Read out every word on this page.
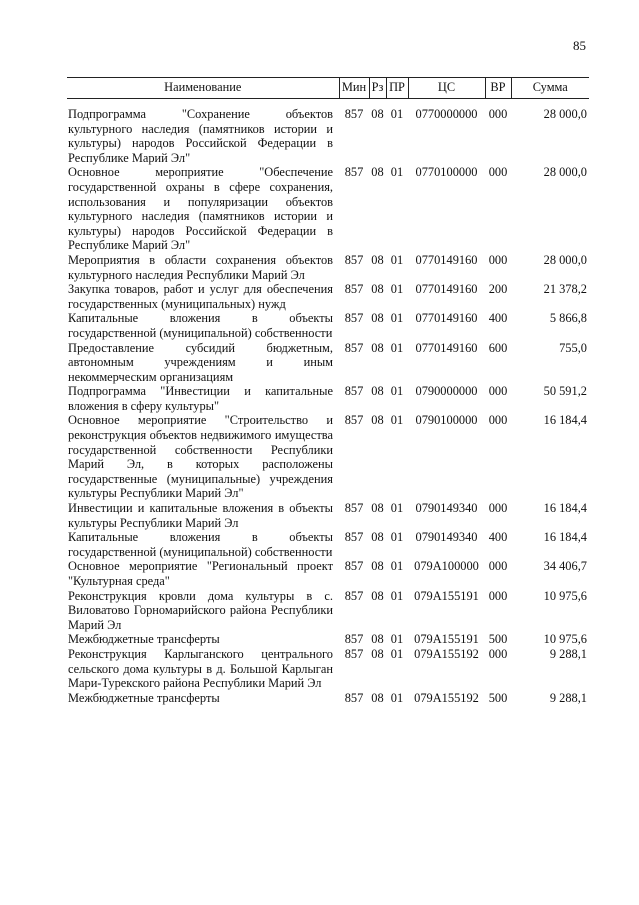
85
Наименование	Мин	Рз	ПР	ЦС	ВР	Сумма
Подпрограмма "Сохранение объектов культурного наследия (памятников истории и культуры) народов Российской Федерации в Республике Марий Эл"	857	08	01	0770000000	000	28 000,0
Основное мероприятие "Обеспечение государственной охраны в сфере сохранения, использования и популяризации объектов культурного наследия (памятников истории и культуры) народов Российской Федерации в Республике Марий Эл"	857	08	01	0770100000	000	28 000,0
Мероприятия в области сохранения объектов культурного наследия Республики Марий Эл	857	08	01	0770149160	000	28 000,0
Закупка товаров, работ и услуг для обеспечения государственных (муниципальных) нужд	857	08	01	0770149160	200	21 378,2
Капитальные вложения в объекты государственной (муниципальной) собственности	857	08	01	0770149160	400	5 866,8
Предоставление субсидий бюджетным, автономным учреждениям и иным некоммерческим организациям	857	08	01	0770149160	600	755,0
Подпрограмма "Инвестиции и капитальные вложения в сферу культуры"	857	08	01	0790000000	000	50 591,2
Основное мероприятие "Строительство и реконструкция объектов недвижимого имущества государственной собственности Республики Марий Эл, в которых расположены государственные (муниципальные) учреждения культуры Республики Марий Эл"	857	08	01	0790100000	000	16 184,4
Инвестиции и капитальные вложения в объекты культуры Республики Марий Эл	857	08	01	0790149340	000	16 184,4
Капитальные вложения в объекты государственной (муниципальной) собственности	857	08	01	0790149340	400	16 184,4
Основное мероприятие "Региональный проект "Культурная среда"	857	08	01	079A100000	000	34 406,7
Реконструкция кровли дома культуры в с. Виловатово Горномарийского района Республики Марий Эл	857	08	01	079A155191	000	10 975,6
Межбюджетные трансферты	857	08	01	079A155191	500	10 975,6
Реконструкция Карлыганского центрального сельского дома культуры в д. Большой Карлыган Мари-Турекского района Республики Марий Эл	857	08	01	079A155192	000	9 288,1
Межбюджетные трансферты	857	08	01	079A155192	500	9 288,1
